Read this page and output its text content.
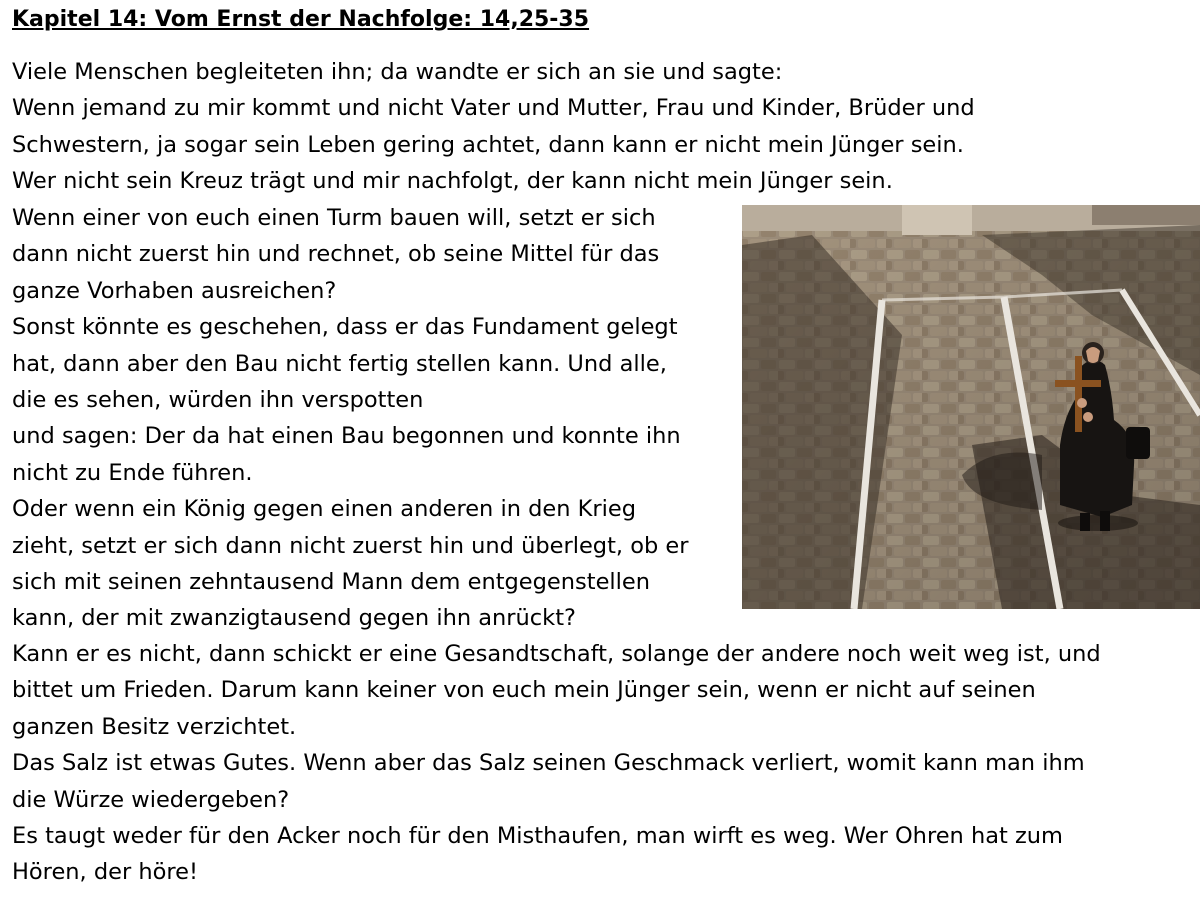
Kapitel 14: Vom Ernst der Nachfolge: 14,25-35
Viele Menschen begleiteten ihn; da wandte er sich an sie und sagte:
Wenn jemand zu mir kommt und nicht Vater und Mutter, Frau und Kinder, Brüder und
Schwestern, ja sogar sein Leben gering achtet, dann kann er nicht mein Jünger sein.
Wer nicht sein Kreuz trägt und mir nachfolgt, der kann nicht mein Jünger sein.
Wenn einer von euch einen Turm bauen will, setzt er sich
dann nicht zuerst hin und rechnet, ob seine Mittel für das
ganze Vorhaben ausreichen?
Sonst könnte es geschehen, dass er das Fundament gelegt
hat, dann aber den Bau nicht fertig stellen kann. Und alle,
die es sehen, würden ihn verspotten
und sagen: Der da hat einen Bau begonnen und konnte ihn
nicht zu Ende führen.
Oder wenn ein König gegen einen anderen in den Krieg
zieht, setzt er sich dann nicht zuerst hin und überlegt, ob er
sich mit seinen zehntausend Mann dem entgegenstellen
kann, der mit zwanzigtausend gegen ihn anrückt?
Kann er es nicht, dann schickt er eine Gesandtschaft, solange der andere noch weit weg ist, und
bittet um Frieden. Darum kann keiner von euch mein Jünger sein, wenn er nicht auf seinen
ganzen Besitz verzichtet.
Das Salz ist etwas Gutes. Wenn aber das Salz seinen Geschmack verliert, womit kann man ihm
die Würze wiedergeben?
Es taugt weder für den Acker noch für den Misthaufen, man wirft es weg. Wer Ohren hat zum
Hören, der höre!
